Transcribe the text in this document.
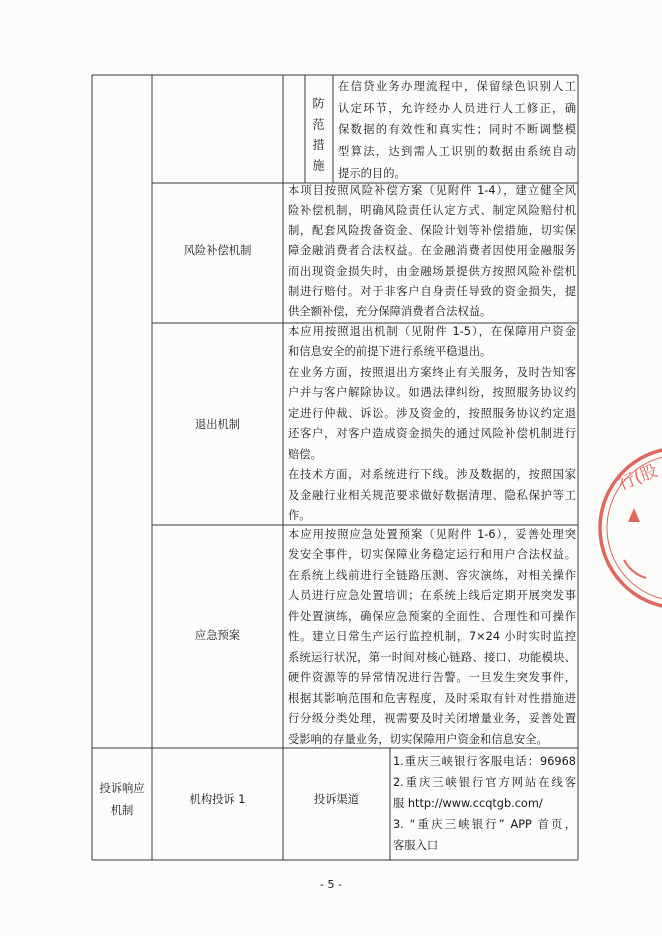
防范措施
在信贷业务办理流程中，保留绿色识别人工
认定环节，允许经办人员进行人工修正，确
保数据的有效性和真实性；同时不断调整模
型算法，达到需人工识别的数据由系统自动
提示的目的。
风险补偿机制
本项目按照风险补偿方案（见附件 1-4），建立健全风
险补偿机制，明确风险责任认定方式、制定风险赔付机
制，配套风险拨备资金、保险计划等补偿措施，切实保
障金融消费者合法权益。在金融消费者因使用金融服务
而出现资金损失时，由金融场景提供方按照风险补偿机
制进行赔付。对于非客户自身责任导致的资金损失，提
供全额补偿，充分保障消费者合法权益。
退出机制
本应用按照退出机制（见附件 1-5），在保障用户资金
和信息安全的前提下进行系统平稳退出。
在业务方面，按照退出方案终止有关服务，及时告知客
户并与客户解除协议。如遇法律纠纷，按照服务协议约
定进行仲裁、诉讼。涉及资金的，按照服务协议约定退
还客户，对客户造成资金损失的通过风险补偿机制进行
赔偿。
在技术方面，对系统进行下线。涉及数据的，按照国家
及金融行业相关规范要求做好数据清理、隐私保护等工
作。
应急预案
本应用按照应急处置预案（见附件 1-6），妥善处理突
发安全事件，切实保障业务稳定运行和用户合法权益。
在系统上线前进行全链路压测、容灾演练，对相关操作
人员进行应急处置培训；在系统上线后定期开展突发事
件处置演练，确保应急预案的全面性、合理性和可操作
性。建立日常生产运行监控机制，7×24 小时实时监控
系统运行状况，第一时间对核心链路、接口、功能模块、
硬件资源等的异常情况进行告警。一旦发生突发事件，
根据其影响范围和危害程度，及时采取有针对性措施进
行分级分类处理，视需要及时关闭增量业务，妥善处置
受影响的存量业务，切实保障用户资金和信息安全。
投诉响应
机制
机构投诉 1	投诉渠道
1.重庆三峡银行客服电话：96968
2.重庆三峡银行官方网站在线客
服 http://www.ccqtgb.com/
3. “重庆三峡银行” APP 首页，
客服入口
- 5 -
行(股
